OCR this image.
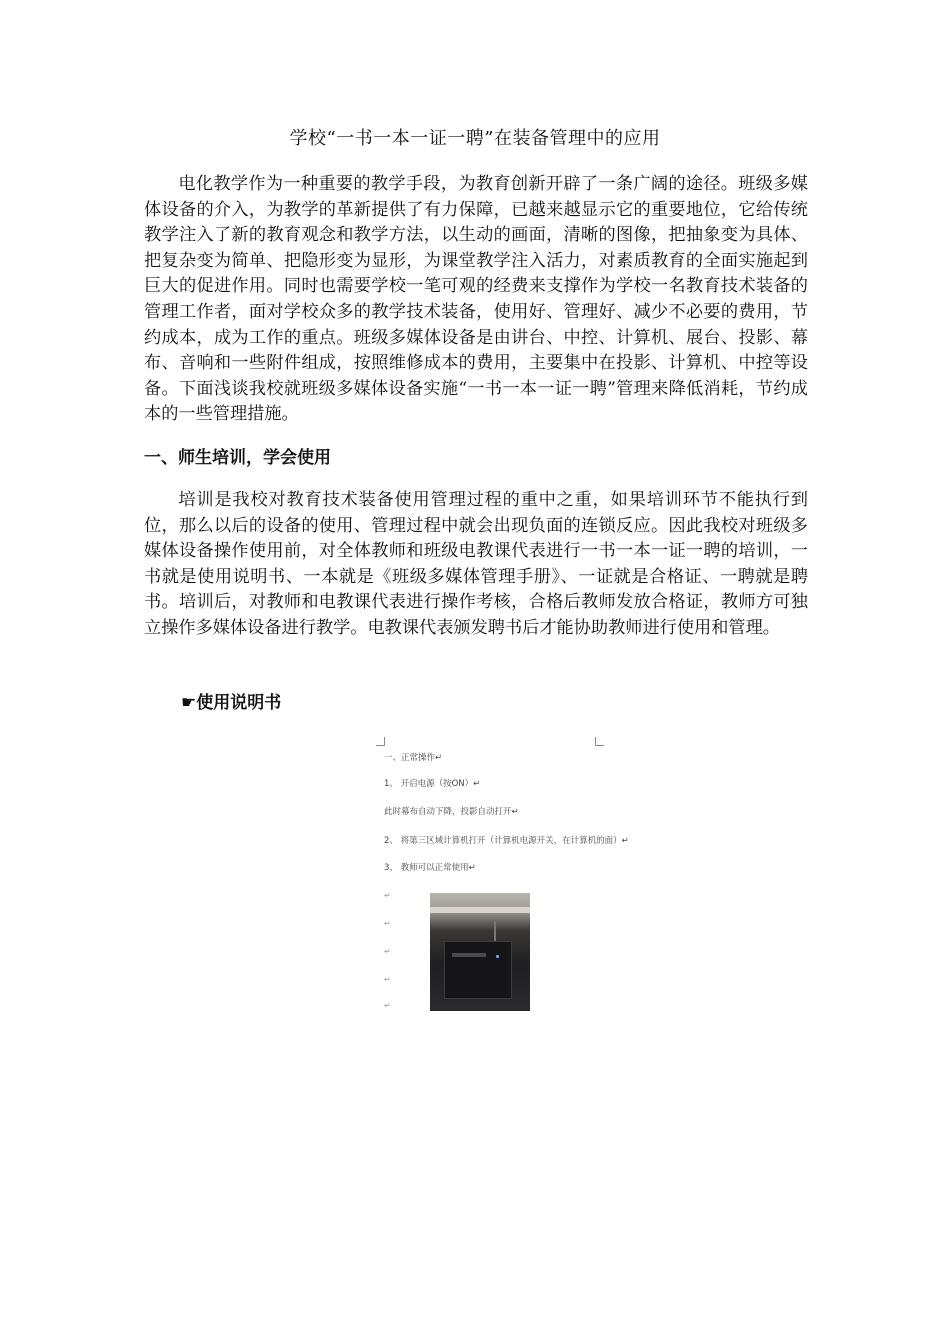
学校“一书一本一证一聘”在装备管理中的应用

电化教学作为一种重要的教学手段，为教育创新开辟了一条广阔的途径。班级多媒体设备的介入，为教学的革新提供了有力保障，已越来越显示它的重要地位，它给传统教学注入了新的教育观念和教学方法，以生动的画面，清晰的图像，把抽象变为具体、把复杂变为简单、把隐形变为显形，为课堂教学注入活力，对素质教育的全面实施起到巨大的促进作用。同时也需要学校一笔可观的经费来支撑作为学校一名教育技术装备的管理工作者，面对学校众多的教学技术装备，使用好、管理好、减少不必要的费用，节约成本，成为工作的重点。班级多媒体设备是由讲台、中控、计算机、展台、投影、幕布、音响和一些附件组成，按照维修成本的费用，主要集中在投影、计算机、中控等设备。下面浅谈我校就班级多媒体设备实施“一书一本一证一聘”管理来降低消耗，节约成本的一些管理措施。

一、师生培训，学会使用

培训是我校对教育技术装备使用管理过程的重中之重，如果培训环节不能执行到位，那么以后的设备的使用、管理过程中就会出现负面的连锁反应。因此我校对班级多媒体设备操作使用前，对全体教师和班级电教课代表进行一书一本一证一聘的培训，一书就是使用说明书、一本就是《班级多媒体管理手册》、一证就是合格证、一聘就是聘书。培训后，对教师和电教课代表进行操作考核，合格后教师发放合格证，教师方可独立操作多媒体设备进行教学。电教课代表颁发聘书后才能协助教师进行使用和管理。

☛使用说明书
一、正常操作↵
1、 开启电源（按ON）↵
此时幕布自动下降，投影自动打开↵
2、 将第三区域计算机打开（计算机电源开关，在计算机的面）↵
3、 教师可以正常使用↵
↵
↵
↵
↵
↵
